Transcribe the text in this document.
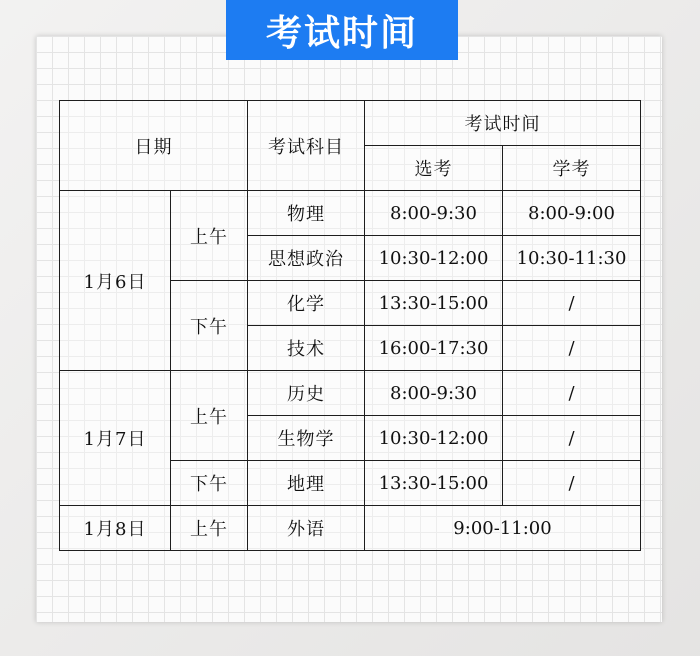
考试时间
日期		考试科目	考试时间	
			选考	学考
1月6日	上午	物理	8:00-9:30	8:00-9:00
		思想政治	10:30-12:00	10:30-11:30
	下午	化学	13:30-15:00	/
		技术	16:00-17:30	/
1月7日	上午	历史	8:00-9:30	/
		生物学	10:30-12:00	/
	下午	地理	13:30-15:00	/
1月8日	上午	外语	9:00-11:00	
